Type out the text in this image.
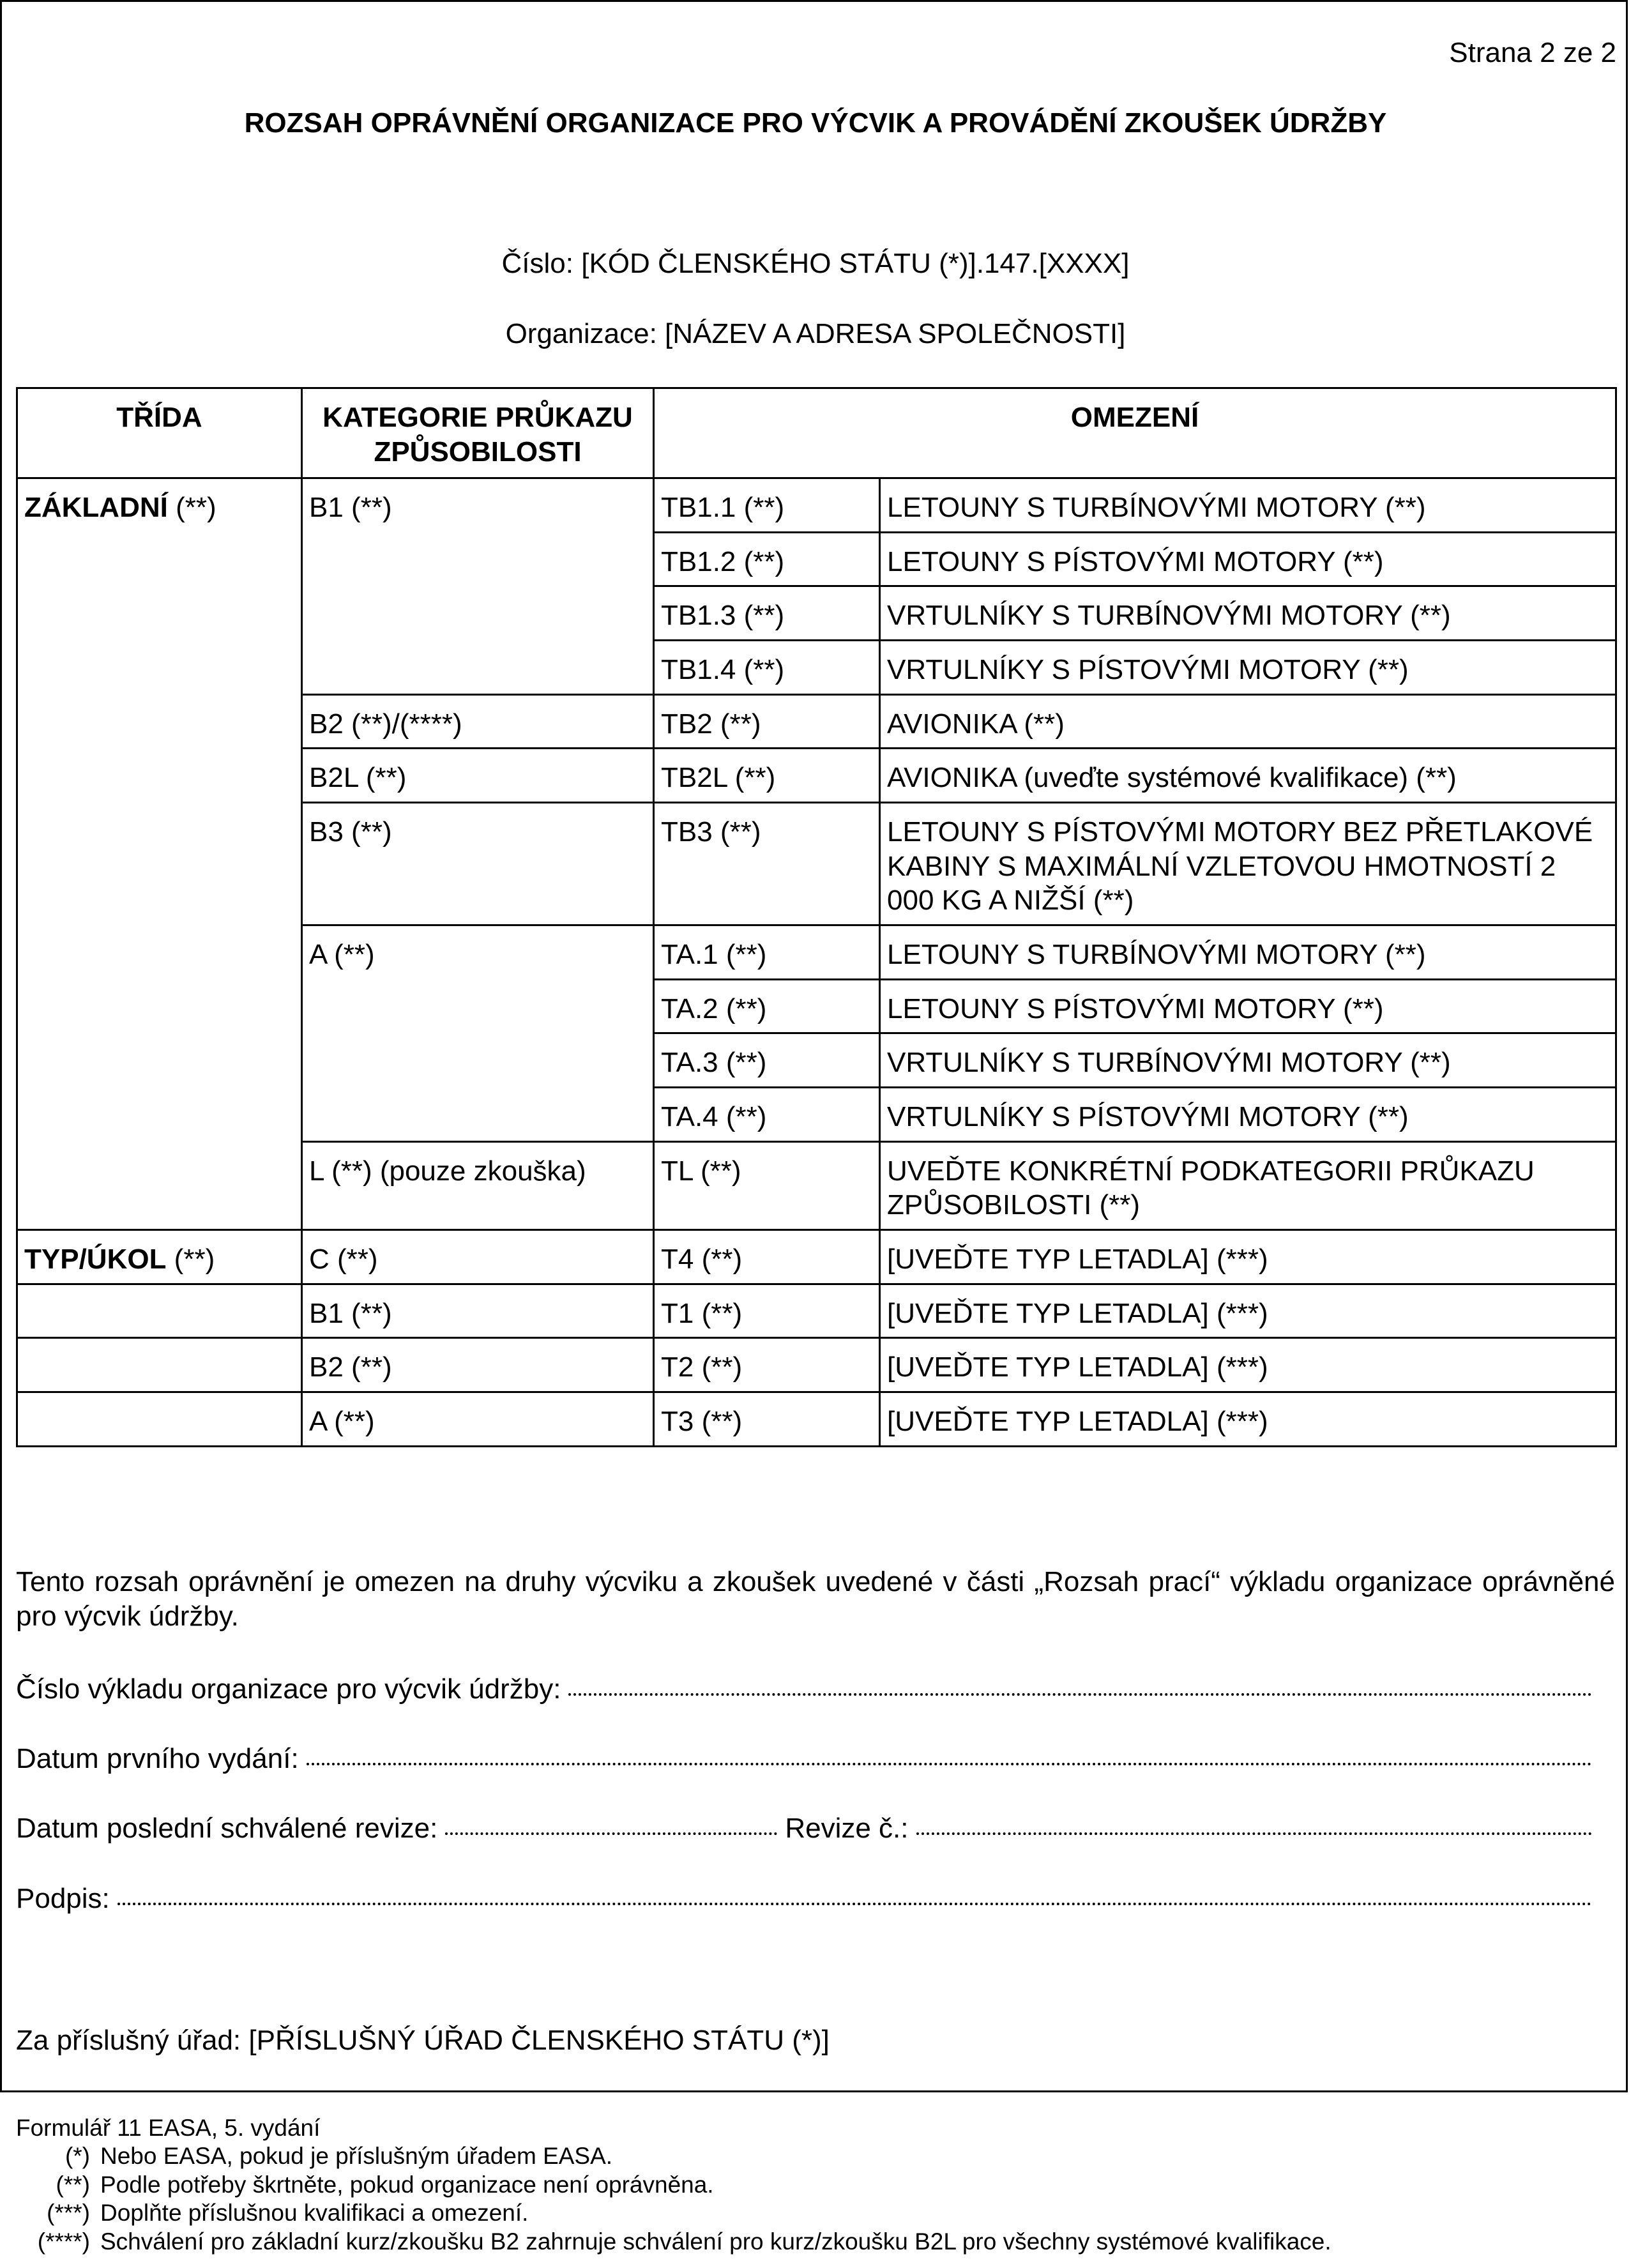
Strana 2 ze 2
ROZSAH OPRÁVNĚNÍ ORGANIZACE PRO VÝCVIK A PROVÁDĚNÍ ZKOUŠEK ÚDRŽBY
Číslo: [KÓD ČLENSKÉHO STÁTU (*)].147.[XXXX]
Organizace: [NÁZEV A ADRESA SPOLEČNOSTI]
TŘÍDA	KATEGORIE PRŮKAZU ZPŮSOBILOSTI	OMEZENÍ	
ZÁKLADNÍ (**)	B1 (**)	TB1.1 (**)	LETOUNY S TURBÍNOVÝMI MOTORY (**)
		TB1.2 (**)	LETOUNY S PÍSTOVÝMI MOTORY (**)
		TB1.3 (**)	VRTULNÍKY S TURBÍNOVÝMI MOTORY (**)
		TB1.4 (**)	VRTULNÍKY S PÍSTOVÝMI MOTORY (**)
	B2 (**)/(****)	TB2 (**)	AVIONIKA (**)
	B2L (**)	TB2L (**)	AVIONIKA (uveďte systémové kvalifikace) (**)
	B3 (**)	TB3 (**)	LETOUNY S PÍSTOVÝMI MOTORY BEZ PŘETLAKOVÉ KABINY S MAXIMÁLNÍ VZLETOVOU HMOTNOSTÍ 2 000 KG A NIŽŠÍ (**)
	A (**)	TA.1 (**)	LETOUNY S TURBÍNOVÝMI MOTORY (**)
		TA.2 (**)	LETOUNY S PÍSTOVÝMI MOTORY (**)
		TA.3 (**)	VRTULNÍKY S TURBÍNOVÝMI MOTORY (**)
		TA.4 (**)	VRTULNÍKY S PÍSTOVÝMI MOTORY (**)
	L (**) (pouze zkouška)	TL (**)	UVEĎTE KONKRÉTNÍ PODKATEGORII PRŮKAZU ZPŮSOBILOSTI (**)
TYP/ÚKOL (**)	C (**)	T4 (**)	[UVEĎTE TYP LETADLA] (***)
	B1 (**)	T1 (**)	[UVEĎTE TYP LETADLA] (***)
	B2 (**)	T2 (**)	[UVEĎTE TYP LETADLA] (***)
	A (**)	T3 (**)	[UVEĎTE TYP LETADLA] (***)
Tento rozsah oprávnění je omezen na druhy výcviku a zkoušek uvedené v části „Rozsah prací“ výkladu organizace oprávněné pro výcvik údržby.
Číslo výkladu organizace pro výcvik údržby:
Datum prvního vydání:
Datum poslední schválené revize:	Revize č.:
Podpis:
Za příslušný úřad: [PŘÍSLUŠNÝ ÚŘAD ČLENSKÉHO STÁTU (*)]
Formulář 11 EASA, 5. vydání
(*) Nebo EASA, pokud je příslušným úřadem EASA.
(**) Podle potřeby škrtněte, pokud organizace není oprávněna.
(***) Doplňte příslušnou kvalifikaci a omezení.
(****) Schválení pro základní kurz/zkoušku B2 zahrnuje schválení pro kurz/zkoušku B2L pro všechny systémové kvalifikace.
